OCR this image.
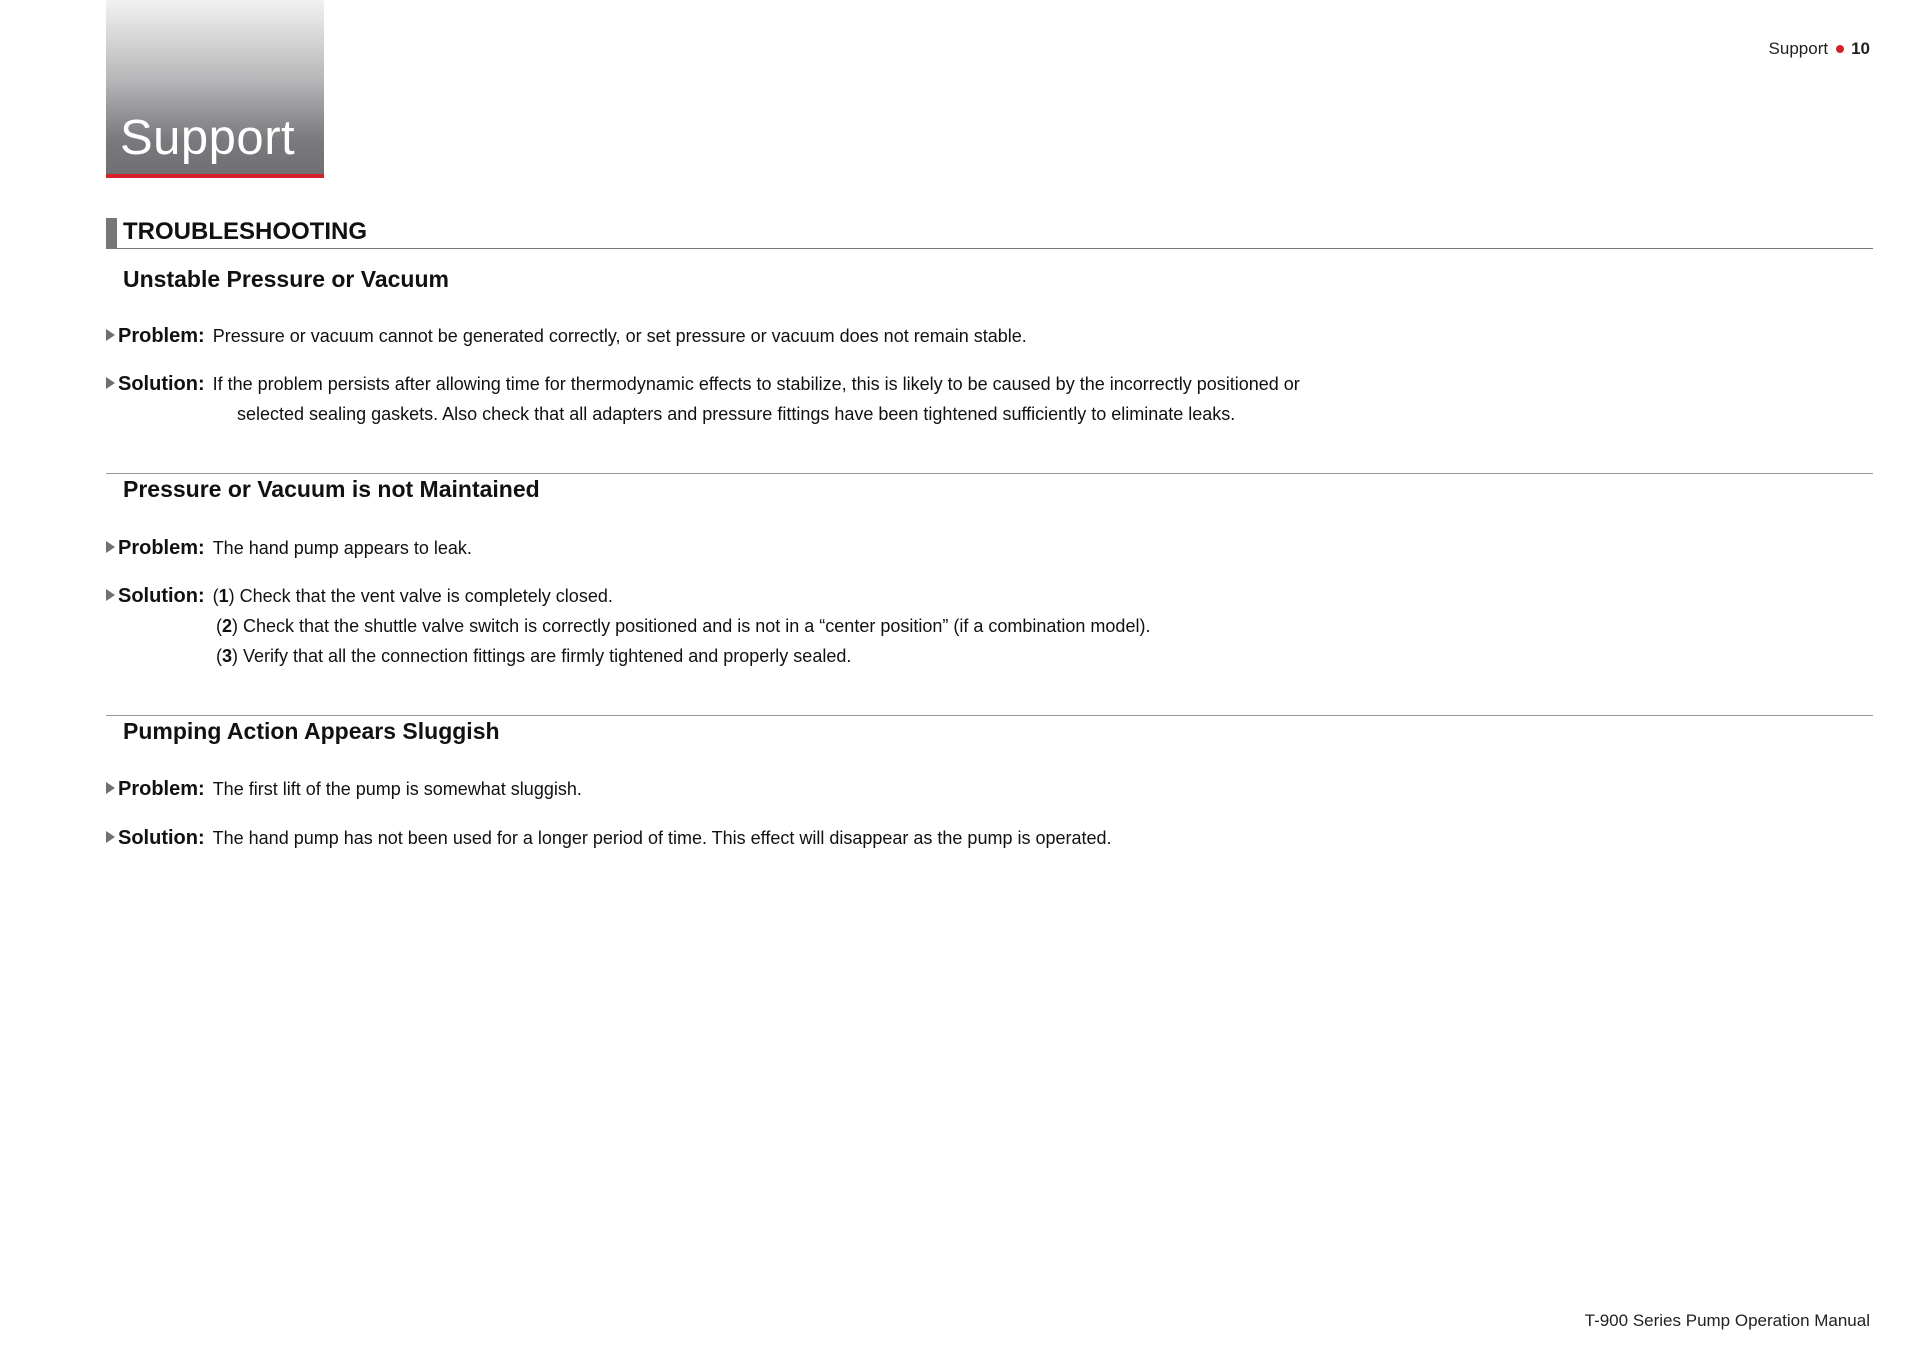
Support
Support 10
TROUBLESHOOTING
Unstable Pressure or Vacuum
Problem: Pressure or vacuum cannot be generated correctly, or set pressure or vacuum does not remain stable.
Solution: If the problem persists after allowing time for thermodynamic effects to stabilize, this is likely to be caused by the incorrectly positioned or
selected sealing gaskets. Also check that all adapters and pressure fittings have been tightened sufficiently to eliminate leaks.
Pressure or Vacuum is not Maintained
Problem: The hand pump appears to leak.
Solution: (1) Check that the vent valve is completely closed.
(2) Check that the shuttle valve switch is correctly positioned and is not in a “center position” (if a combination model).
(3) Verify that all the connection fittings are firmly tightened and properly sealed.
Pumping Action Appears Sluggish
Problem: The first lift of the pump is somewhat sluggish.
Solution: The hand pump has not been used for a longer period of time. This effect will disappear as the pump is operated.
T-900 Series Pump Operation Manual
